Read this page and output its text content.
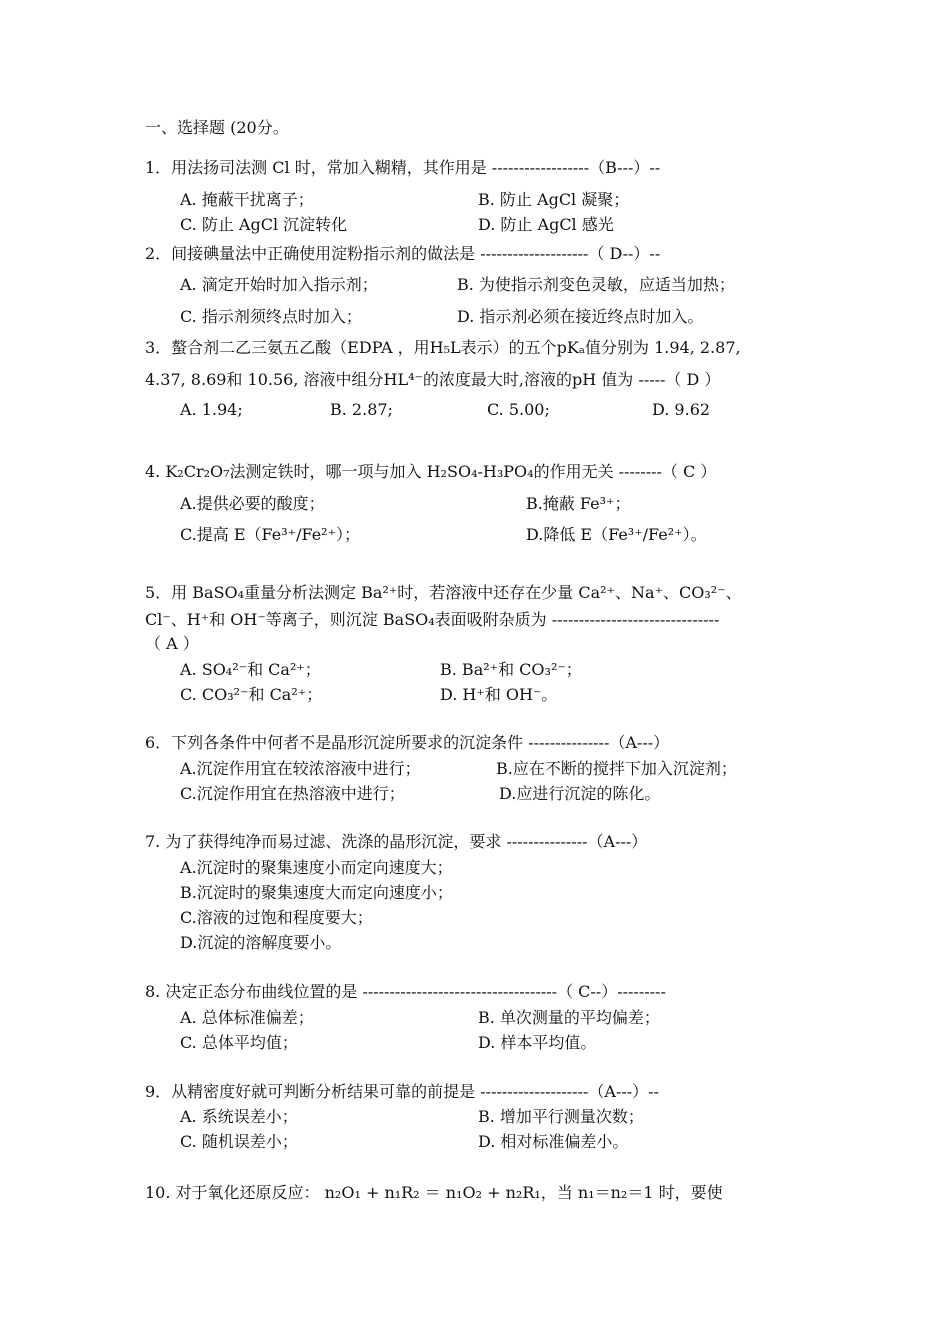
一、选择题 (20分。
1．用法扬司法测 Cl 时，常加入糊精，其作用是 ------------------（B---）--
A. 掩蔽干扰离子；	B. 防止 AgCl 凝聚；
C. 防止 AgCl 沉淀转化	D. 防止 AgCl 感光
2．间接碘量法中正确使用淀粉指示剂的做法是 --------------------（ D--）--
A. 滴定开始时加入指示剂；	B. 为使指示剂变色灵敏，应适当加热；
C. 指示剂须终点时加入；	D. 指示剂必须在接近终点时加入。
3．螯合剂二乙三氨五乙酸（EDPA ，用H₅L表示）的五个pKₐ值分别为 1.94, 2.87,
4.37, 8.69和 10.56, 溶液中组分HL⁴⁻的浓度最大时,溶液的pH 值为 -----（ D ）
A. 1.94;	B. 2.87;	C. 5.00;	D. 9.62
4. K₂Cr₂O₇法测定铁时，哪一项与加入 H₂SO₄-H₃PO₄的作用无关 --------（ C ）
A.提供必要的酸度；	B.掩蔽 Fe³⁺；
C.提高 E（Fe³⁺/Fe²⁺）；	D.降低 E（Fe³⁺/Fe²⁺）。
5．用 BaSO₄重量分析法测定 Ba²⁺时，若溶液中还存在少量 Ca²⁺、Na⁺、CO₃²⁻、
Cl⁻、H⁺和 OH⁻等离子，则沉淀 BaSO₄表面吸附杂质为 -------------------------------
（ A ）
A. SO₄²⁻和 Ca²⁺；	B. Ba²⁺和 CO₃²⁻；
C. CO₃²⁻和 Ca²⁺；	D. H⁺和 OH⁻。
6．下列各条件中何者不是晶形沉淀所要求的沉淀条件 ---------------（A---）
A.沉淀作用宜在较浓溶液中进行；	B.应在不断的搅拌下加入沉淀剂；
C.沉淀作用宜在热溶液中进行；	D.应进行沉淀的陈化。
7. 为了获得纯净而易过滤、洗涤的晶形沉淀，要求 ---------------（A---）
A.沉淀时的聚集速度小而定向速度大；
B.沉淀时的聚集速度大而定向速度小；
C.溶液的过饱和程度要大；
D.沉淀的溶解度要小。
8. 决定正态分布曲线位置的是 ------------------------------------（ C--）---------
A. 总体标准偏差；	B. 单次测量的平均偏差；
C. 总体平均值；	D. 样本平均值。
9．从精密度好就可判断分析结果可靠的前提是 --------------------（A---）--
A. 系统误差小；	B. 增加平行测量次数；
C. 随机误差小；	D. 相对标准偏差小。
10. 对于氧化还原反应： n₂O₁ + n₁R₂ ＝ n₁O₂ + n₂R₁，当 n₁＝n₂＝1 时，要使
